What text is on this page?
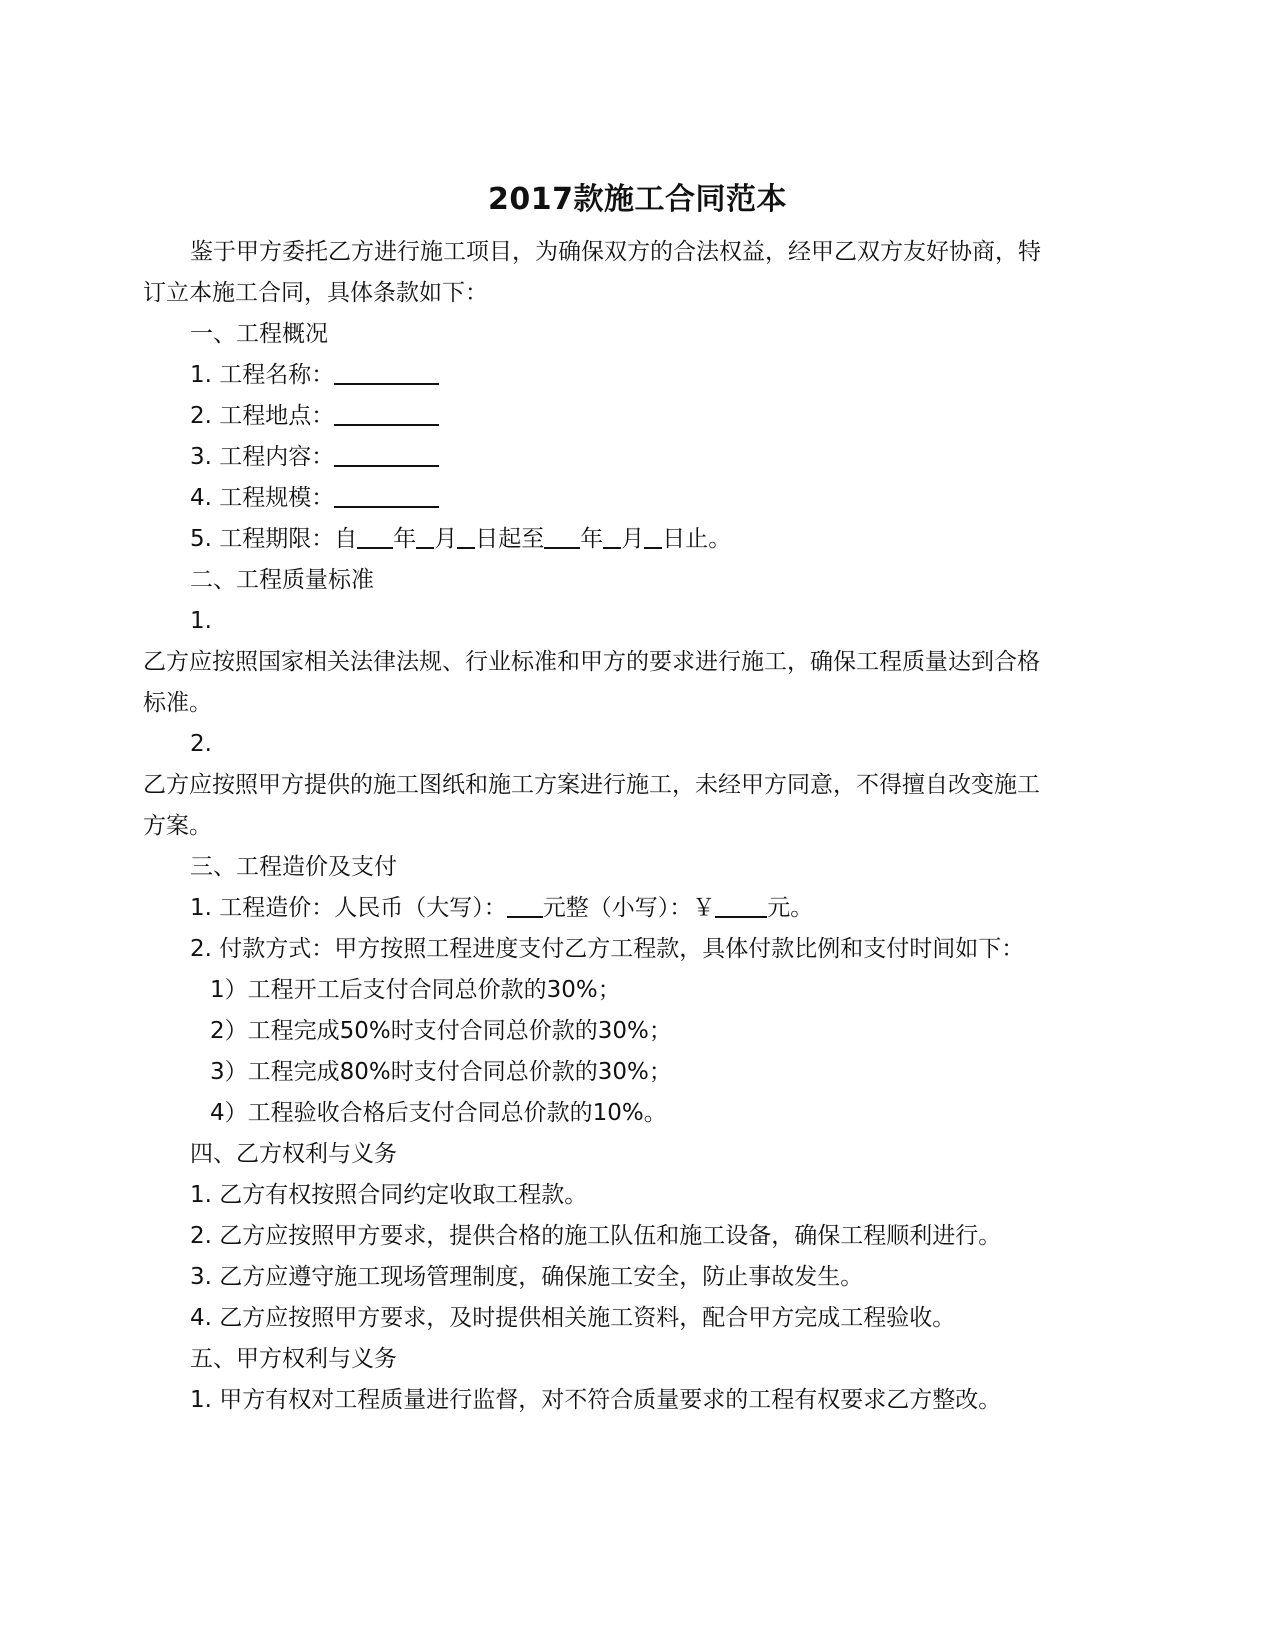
2017款施工合同范本
鉴于甲方委托乙方进行施工项目，为确保双方的合法权益，经甲乙双方友好协商，特
订立本施工合同，具体条款如下：
一、工程概况
1. 工程名称：
2. 工程地点：
3. 工程内容：
4. 工程规模：
5. 工程期限：自 年 月 日起至 年 月 日止。
二、工程质量标准
1.
乙方应按照国家相关法律法规、行业标准和甲方的要求进行施工，确保工程质量达到合格
标准。
2.
乙方应按照甲方提供的施工图纸和施工方案进行施工，未经甲方同意，不得擅自改变施工
方案。
三、工程造价及支付
1. 工程造价：人民币（大写）： 元整（小写）：￥ 元。
2. 付款方式：甲方按照工程进度支付乙方工程款，具体付款比例和支付时间如下：
1）工程开工后支付合同总价款的30%；
2）工程完成50%时支付合同总价款的30%；
3）工程完成80%时支付合同总价款的30%；
4）工程验收合格后支付合同总价款的10%。
四、乙方权利与义务
1. 乙方有权按照合同约定收取工程款。
2. 乙方应按照甲方要求，提供合格的施工队伍和施工设备，确保工程顺利进行。
3. 乙方应遵守施工现场管理制度，确保施工安全，防止事故发生。
4. 乙方应按照甲方要求，及时提供相关施工资料，配合甲方完成工程验收。
五、甲方权利与义务
1. 甲方有权对工程质量进行监督，对不符合质量要求的工程有权要求乙方整改。
